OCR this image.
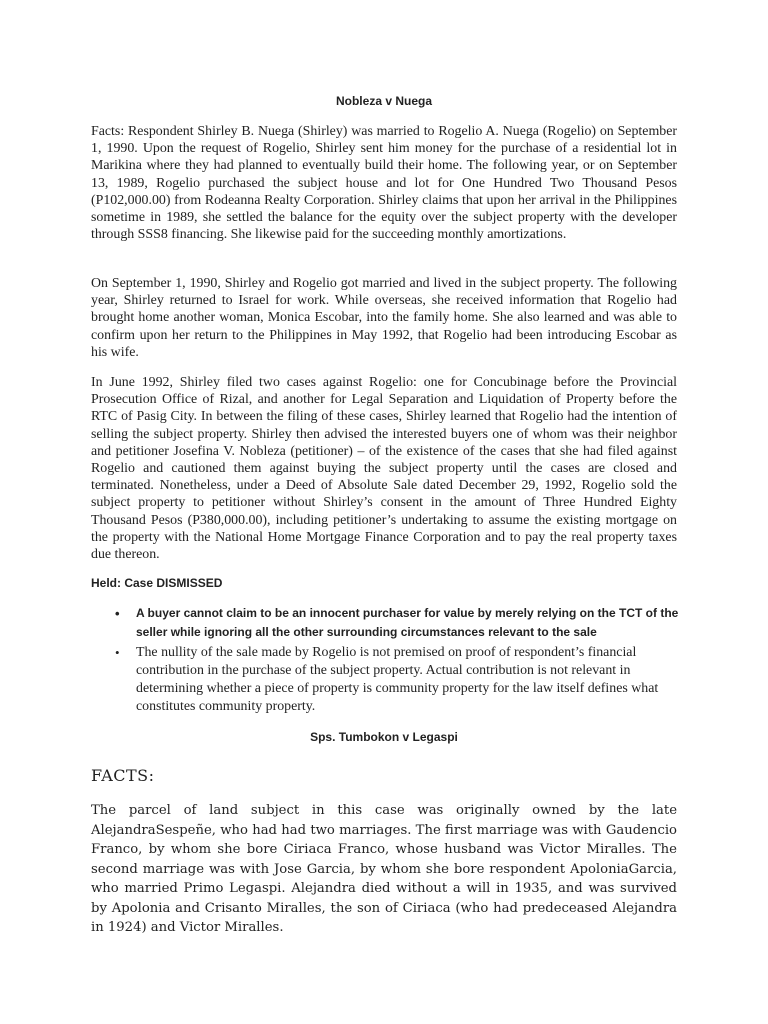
Nobleza v Nuega

Facts: Respondent Shirley B. Nuega (Shirley) was married to Rogelio A. Nuega (Rogelio) on September 1, 1990. Upon the request of Rogelio, Shirley sent him money for the purchase of a residential lot in Marikina where they had planned to eventually build their home. The following year, or on September 13, 1989, Rogelio purchased the subject house and lot for One Hundred Two Thousand Pesos (P102,000.00) from Rodeanna Realty Corporation. Shirley claims that upon her arrival in the Philippines sometime in 1989, she settled the balance for the equity over the subject property with the developer through SSS8 financing. She likewise paid for the succeeding monthly amortizations.

On September 1, 1990, Shirley and Rogelio got married and lived in the subject property. The following year, Shirley returned to Israel for work. While overseas, she received information that Rogelio had brought home another woman, Monica Escobar, into the family home. She also learned and was able to confirm upon her return to the Philippines in May 1992, that Rogelio had been introducing Escobar as his wife.

In June 1992, Shirley filed two cases against Rogelio: one for Concubinage before the Provincial Prosecution Office of Rizal, and another for Legal Separation and Liquidation of Property before the RTC of Pasig City. In between the filing of these cases, Shirley learned that Rogelio had the intention of selling the subject property. Shirley then advised the interested buyers one of whom was their neighbor and petitioner Josefina V. Nobleza (petitioner) – of the existence of the cases that she had filed against Rogelio and cautioned them against buying the subject property until the cases are closed and terminated. Nonetheless, under a Deed of Absolute Sale dated December 29, 1992, Rogelio sold the subject property to petitioner without Shirley’s consent in the amount of Three Hundred Eighty Thousand Pesos (P380,000.00), including petitioner’s undertaking to assume the existing mortgage on the property with the National Home Mortgage Finance Corporation and to pay the real property taxes due thereon.

Held: Case DISMISSED

• A buyer cannot claim to be an innocent purchaser for value by merely relying on the TCT of the seller while ignoring all the other surrounding circumstances relevant to the sale
• The nullity of the sale made by Rogelio is not premised on proof of respondent’s financial contribution in the purchase of the subject property. Actual contribution is not relevant in determining whether a piece of property is community property for the law itself defines what constitutes community property.
Sps. Tumbokon v Legaspi

FACTS:

The parcel of land subject in this case was originally owned by the late AlejandraSespeñe, who had had two marriages. The first marriage was with Gaudencio Franco, by whom she bore Ciriaca Franco, whose husband was Victor Miralles. The second marriage was with Jose Garcia, by whom she bore respondent ApoloniaGarcia, who married Primo Legaspi. Alejandra died without a will in 1935, and was survived by Apolonia and Crisanto Miralles, the son of Ciriaca (who had predeceased Alejandra in 1924) and Victor Miralles.
